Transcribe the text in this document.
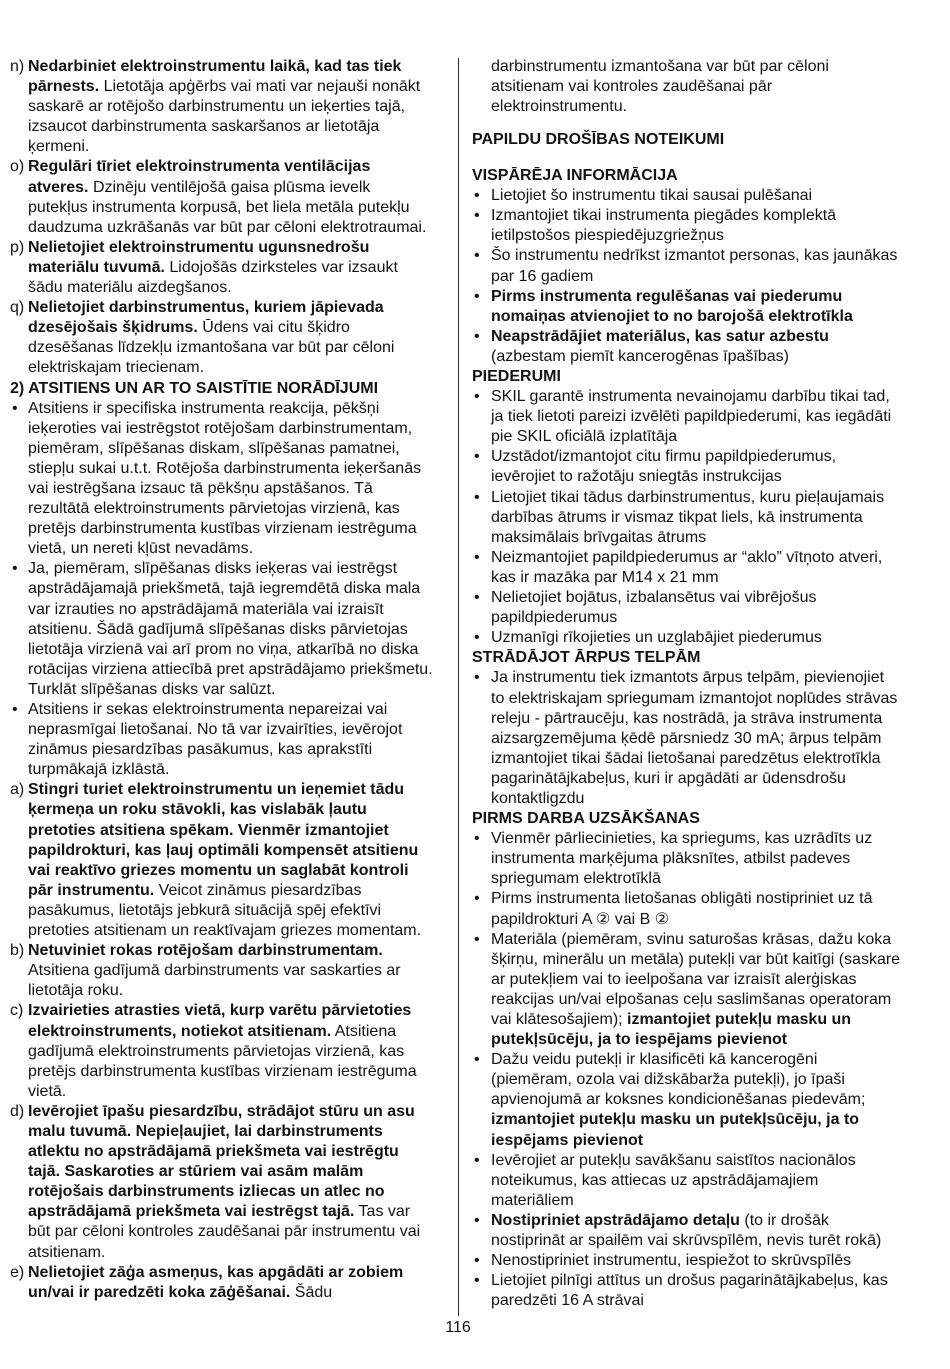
n) Nedarbiniet elektroinstrumentu laikā, kad tas tiek
pārnests. Lietotāja apģērbs vai mati var nejauši nonākt
saskarē ar rotējošo darbinstrumentu un ieķerties tajā,
izsaucot darbinstrumenta saskaršanos ar lietotāja
ķermeni.
o) Regulāri tīriet elektroinstrumenta ventilācijas
atveres. Dzinēju ventilējošā gaisa plūsma ievelk
putekļus instrumenta korpusā, bet liela metāla putekļu
daudzuma uzkrāšanās var būt par cēloni elektrotraumai.
p) Nelietojiet elektroinstrumentu ugunsnedrošu
materiālu tuvumā. Lidojošās dzirksteles var izsaukt
šādu materiālu aizdegšanos.
q) Nelietojiet darbinstrumentus, kuriem jāpievada
dzesējošais šķidrums. Ūdens vai citu šķidro
dzesēšanas līdzekļu izmantošana var būt par cēloni
elektriskajam triecienam.
2) ATSITIENS UN AR TO SAISTĪTIE NORĀDĪJUMI
• Atsitiens ir specifiska instrumenta reakcija, pēkšņi
ieķeroties vai iestrēgstot rotējošam darbinstrumentam,
piemēram, slīpēšanas diskam, slīpēšanas pamatnei,
stiepļu sukai u.t.t. Rotējoša darbinstrumenta ieķeršanās
vai iestrēgšana izsauc tā pēkšņu apstāšanos. Tā
rezultātā elektroinstruments pārvietojas virzienā, kas
pretējs darbinstrumenta kustības virzienam iestrēguma
vietā, un nereti kļūst nevadāms.
• Ja, piemēram, slīpēšanas disks ieķeras vai iestrēgst
apstrādājamajā priekšmetā, tajā iegremdētā diska mala
var izrauties no apstrādājamā materiāla vai izraisīt
atsitienu. Šādā gadījumā slīpēšanas disks pārvietojas
lietotāja virzienā vai arī prom no viņa, atkarībā no diska
rotācijas virziena attiecībā pret apstrādājamo priekšmetu.
Turklāt slīpēšanas disks var salūzt.
• Atsitiens ir sekas elektroinstrumenta nepareizai vai
neprasmīgai lietošanai. No tā var izvairīties, ievērojot
zināmus piesardzības pasākumus, kas aprakstīti
turpmākajā izklāstā.
a) Stingri turiet elektroinstrumentu un ieņemiet tādu
ķermeņa un roku stāvokli, kas vislabāk ļautu
pretoties atsitiena spēkam. Vienmēr izmantojiet
papildrokturi, kas ļauj optimāli kompensēt atsitienu
vai reaktīvo griezes momentu un saglabāt kontroli
pār instrumentu. Veicot zināmus piesardzības
pasākumus, lietotājs jebkurā situācijā spēj efektīvi
pretoties atsitienam un reaktīvajam griezes momentam.
b) Netuviniet rokas rotējošam darbinstrumentam.
Atsitiena gadījumā darbinstruments var saskarties ar
lietotāja roku.
c) Izvairieties atrasties vietā, kurp varētu pārvietoties
elektroinstruments, notiekot atsitienam. Atsitiena
gadījumā elektroinstruments pārvietojas virzienā, kas
pretējs darbinstrumenta kustības virzienam iestrēguma
vietā.
d) Ievērojiet īpašu piesardzību, strādājot stūru un asu
malu tuvumā. Nepieļaujiet, lai darbinstruments
atlektu no apstrādājamā priekšmeta vai iestrēgtu
tajā. Saskaroties ar stūriem vai asām malām
rotējošais darbinstruments izliecas un atlec no
apstrādājamā priekšmeta vai iestrēgst tajā. Tas var
būt par cēloni kontroles zaudēšanai pār instrumentu vai
atsitienam.
e) Nelietojiet zāģa asmeņus, kas apgādāti ar zobiem
un/vai ir paredzēti koka zāģēšanai. Šādu
darbinstrumentu izmantošana var būt par cēloni
atsitienam vai kontroles zaudēšanai pār
elektroinstrumentu.
PAPILDU DROŠĪBAS NOTEIKUMI
VISPĀRĒJA INFORMĀCIJA
• Lietojiet šo instrumentu tikai sausai pulēšanai
• Izmantojiet tikai instrumenta piegādes komplektā
ietilpstošos piespiedējuzgriežņus
• Šo instrumentu nedrīkst izmantot personas, kas jaunākas
par 16 gadiem
• Pirms instrumenta regulēšanas vai piederumu
nomaiņas atvienojiet to no barojošā elektrotīkla
• Neapstrādājiet materiālus, kas satur azbestu
(azbestam piemīt kancerogēnas īpašības)
PIEDERUMI
• SKIL garantē instrumenta nevainojamu darbību tikai tad,
ja tiek lietoti pareizi izvēlēti papildpiederumi, kas iegādāti
pie SKIL oficiālā izplatītāja
• Uzstādot/izmantojot citu firmu papildpiederumus,
ievērojiet to ražotāju sniegtās instrukcijas
• Lietojiet tikai tādus darbinstrumentus, kuru pieļaujamais
darbības ātrums ir vismaz tikpat liels, kā instrumenta
maksimālais brīvgaitas ātrums
• Neizmantojiet papildpiederumus ar “aklo” vītņoto atveri,
kas ir mazāka par M14 x 21 mm
• Nelietojiet bojātus, izbalansētus vai vibrējošus
papildpiederumus
• Uzmanīgi rīkojieties un uzglabājiet piederumus
STRĀDĀJOT ĀRPUS TELPĀM
• Ja instrumentu tiek izmantots ārpus telpām, pievienojiet
to elektriskajam spriegumam izmantojot noplūdes strāvas
releju - pārtraucēju, kas nostrādā, ja strāva instrumenta
aizsargzemējuma ķēdē pārsniedz 30 mA; ārpus telpām
izmantojiet tikai šādai lietošanai paredzētus elektrotīkla
pagarinātājkabeļus, kuri ir apgādāti ar ūdensdrošu
kontaktligzdu
PIRMS DARBA UZSĀKŠANAS
• Vienmēr pārliecinieties, ka spriegums, kas uzrādīts uz
instrumenta marķējuma plāksnītes, atbilst padeves
spriegumam elektrotīklā
• Pirms instrumenta lietošanas obligāti nostipriniet uz tā
papildrokturi A ② vai B ②
• Materiāla (piemēram, svinu saturošas krāsas, dažu koka
šķirņu, minerālu un metāla) putekļi var būt kaitīgi (saskare
ar putekļiem vai to ieelpošana var izraisīt alerģiskas
reakcijas un/vai elpošanas ceļu saslimšanas operatoram
vai klātesošajiem); izmantojiet putekļu masku un
putekļsūcēju, ja to iespējams pievienot
• Dažu veidu putekļi ir klasificēti kā kancerogēni
(piemēram, ozola vai dižskābarža putekļi), jo īpaši
apvienojumā ar koksnes kondicionēšanas piedevām;
izmantojiet putekļu masku un putekļsūcēju, ja to
iespējams pievienot
• Ievērojiet ar putekļu savākšanu saistītos nacionālos
noteikumus, kas attiecas uz apstrādājamajiem
materiāliem
• Nostipriniet apstrādājamo detaļu (to ir drošāk
nostiprināt ar spailēm vai skrūvspīlēm, nevis turēt rokā)
• Nenostipriniet instrumentu, iespiežot to skrūvspīlēs
• Lietojiet pilnīgi attītus un drošus pagarinātājkabeļus, kas
paredzēti 16 A strāvai
116
